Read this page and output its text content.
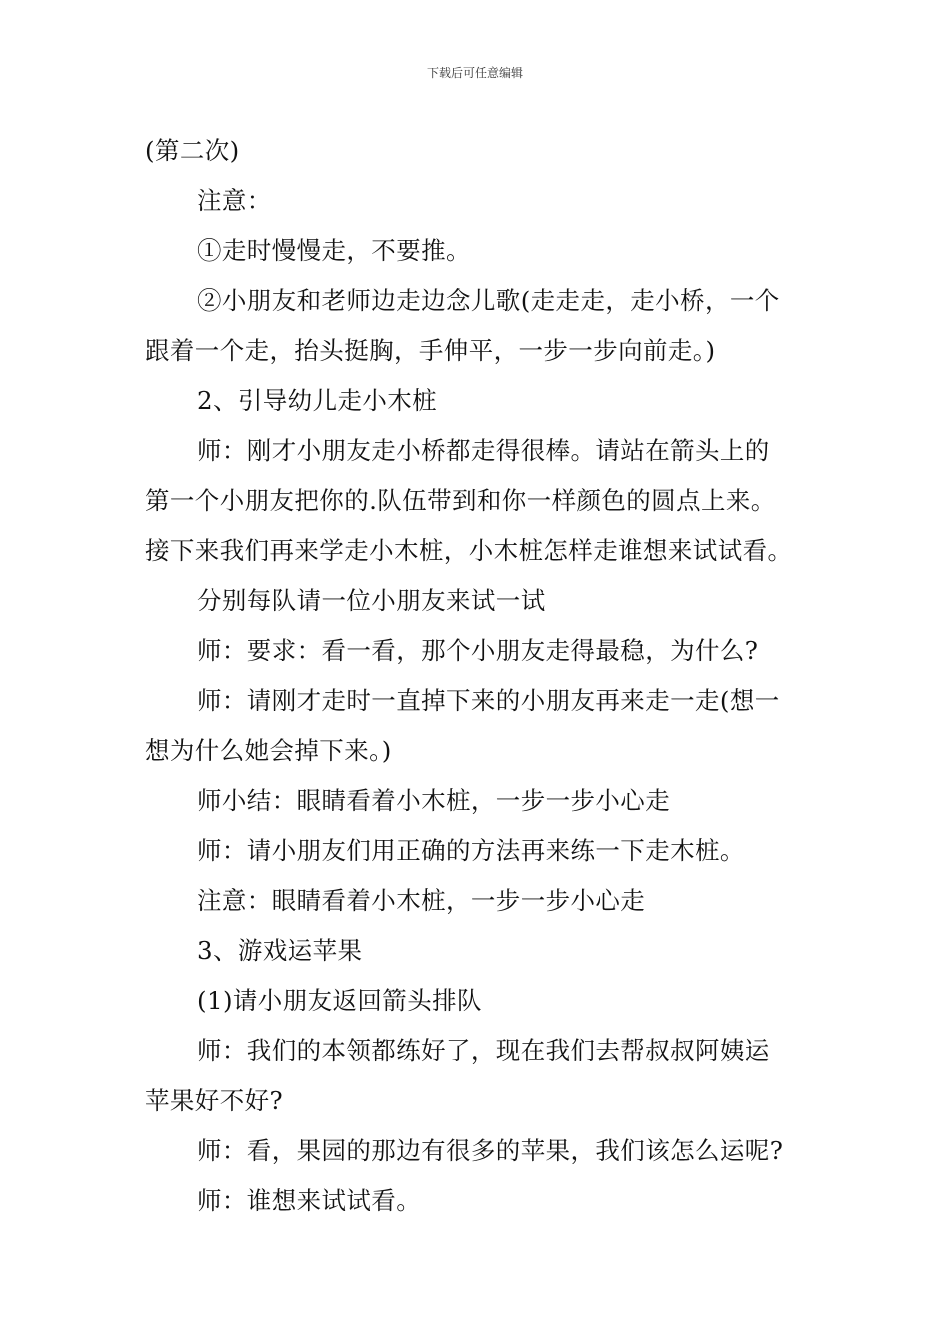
下载后可任意编辑
(第二次)
注意：
①走时慢慢走，不要推。
②小朋友和老师边走边念儿歌(走走走，走小桥，一个
跟着一个走，抬头挺胸，手伸平，一步一步向前走。)
2、引导幼儿走小木桩
师：刚才小朋友走小桥都走得很棒。请站在箭头上的
第一个小朋友把你的.队伍带到和你一样颜色的圆点上来。
接下来我们再来学走小木桩，小木桩怎样走谁想来试试看。
分别每队请一位小朋友来试一试
师：要求：看一看，那个小朋友走得最稳，为什么?
师：请刚才走时一直掉下来的小朋友再来走一走(想一
想为什么她会掉下来。)
师小结：眼睛看着小木桩，一步一步小心走
师：请小朋友们用正确的方法再来练一下走木桩。
注意：眼睛看着小木桩，一步一步小心走
3、游戏运苹果
(1)请小朋友返回箭头排队
师：我们的本领都练好了，现在我们去帮叔叔阿姨运
苹果好不好?
师：看，果园的那边有很多的苹果，我们该怎么运呢?
师：谁想来试试看。
